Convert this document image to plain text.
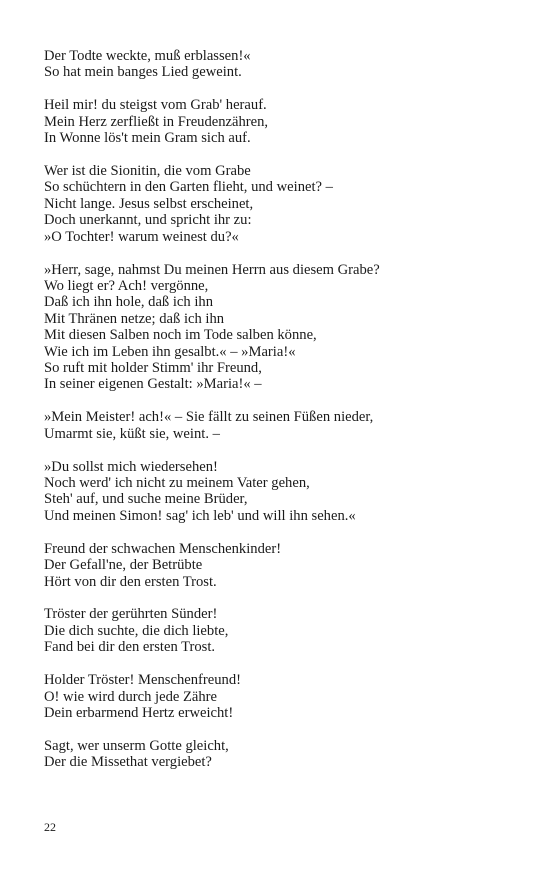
Der Todte weckte, muß erblassen!«
So hat mein banges Lied geweint.
Heil mir! du steigst vom Grab' herauf.
Mein Herz zerfließt in Freudenzähren,
In Wonne lös't mein Gram sich auf.
Wer ist die Sionitin, die vom Grabe
So schüchtern in den Garten flieht, und weinet? –
Nicht lange. Jesus selbst erscheinet,
Doch unerkannt, und spricht ihr zu:
»O Tochter! warum weinest du?«
»Herr, sage, nahmst Du meinen Herrn aus diesem Grabe?
Wo liegt er? Ach! vergönne,
Daß ich ihn hole, daß ich ihn
Mit Thränen netze; daß ich ihn
Mit diesen Salben noch im Tode salben könne,
Wie ich im Leben ihn gesalbt.« – »Maria!«
So ruft mit holder Stimm' ihr Freund,
In seiner eigenen Gestalt: »Maria!« –
»Mein Meister! ach!« – Sie fällt zu seinen Füßen nieder,
Umarmt sie, küßt sie, weint. –
»Du sollst mich wiedersehen!
Noch werd' ich nicht zu meinem Vater gehen,
Steh' auf, und suche meine Brüder,
Und meinen Simon! sag' ich leb' und will ihn sehen.«
Freund der schwachen Menschenkinder!
Der Gefall'ne, der Betrübte
Hört von dir den ersten Trost.
Tröster der gerührten Sünder!
Die dich suchte, die dich liebte,
Fand bei dir den ersten Trost.
Holder Tröster! Menschenfreund!
O! wie wird durch jede Zähre
Dein erbarmend Hertz erweicht!
Sagt, wer unserm Gotte gleicht,
Der die Missethat vergiebet?
22
